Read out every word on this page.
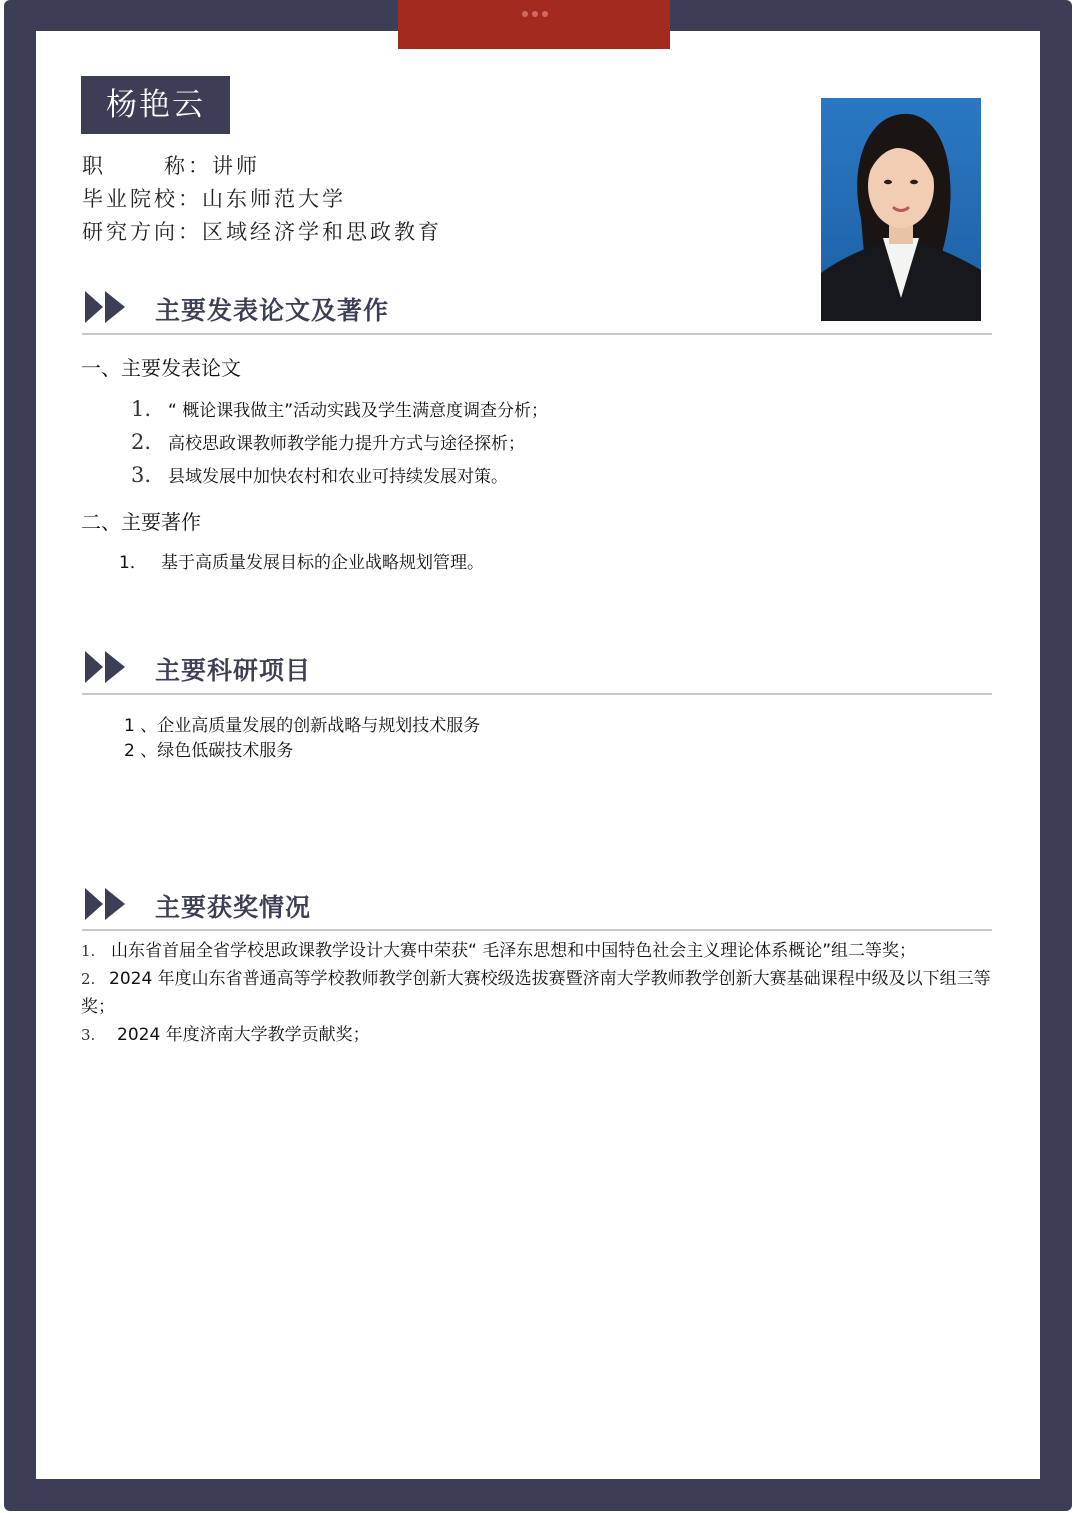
杨艳云
职	称 ：讲师
毕业院校：山东师范大学
研究方向：区域经济学和思政教育
主要发表论文及著作
一、主要发表论文
1. “ 概论课我做主”活动实践及学生满意度调查分析；
2. 高校思政课教师教学能力提升方式与途径探析；
3. 县域发展中加快农村和农业可持续发展对策。
二、主要著作
1． 基于高质量发展目标的企业战略规划管理。
主要科研项目
1 、企业高质量发展的创新战略与规划技术服务
2 、绿色低碳技术服务
主要获奖情况
1. 山东省首届全省学校思政课教学设计大赛中荣获“ 毛泽东思想和中国特色社会主义理论体系概论”组二等奖；
2. 2024 年度山东省普通高等学校教师教学创新大赛校级选拔赛暨济南大学教师教学创新大赛基础课程中级及以下组三等奖；
3. 2024 年度济南大学教学贡献奖；
